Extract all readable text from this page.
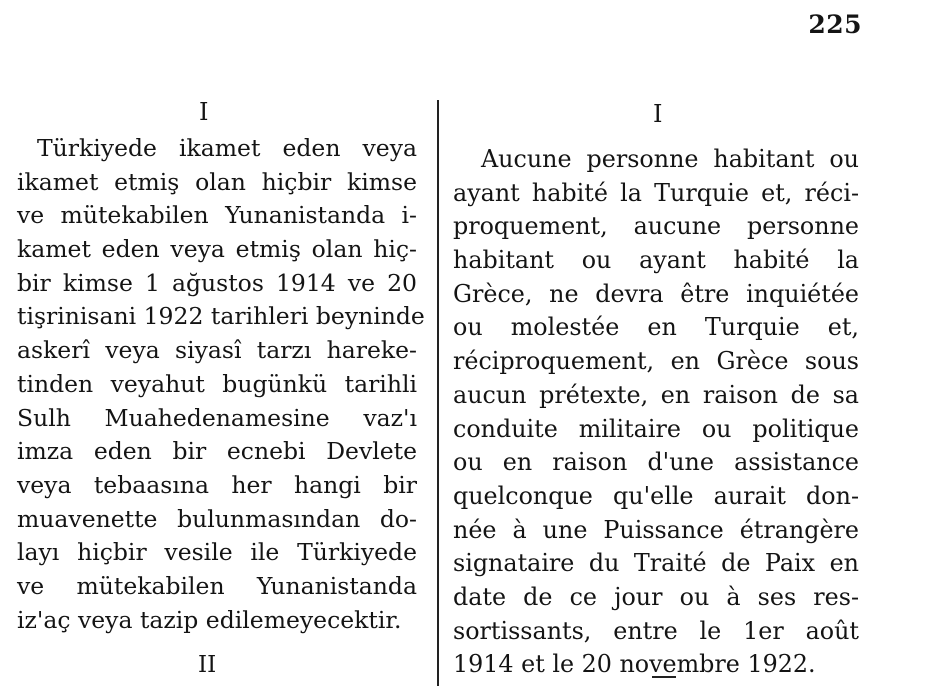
225
I	I
Türkiyede ikamet eden veya
ikamet etmiş olan hiçbir kimse
ve mütekabilen Yunanistanda i-
kamet eden veya etmiş olan hiç-
bir kimse 1 ağustos 1914 ve 20
tişrinisani 1922 tarihleri beyninde
askerî veya siyasî tarzı hareke-
tinden veyahut bugünkü tarihli
Sulh Muahedenamesine vaz'ı
imza eden bir ecnebi Devlete
veya tebaasına her hangi bir
muavenette bulunmasından do-
layı hiçbir vesile ile Türkiyede
ve mütekabilen Yunanistanda
iz'aç veya tazip edilemeyecektir.
II
Aucune personne habitant ou
ayant habité la Turquie et, réci-
proquement, aucune personne
habitant ou ayant habité la
Grèce, ne devra être inquiétée
ou molestée en Turquie et,
réciproquement, en Grèce sous
aucun prétexte, en raison de sa
conduite militaire ou politique
ou en raison d'une assistance
quelconque qu'elle aurait don-
née à une Puissance étrangère
signataire du Traité de Paix en
date de ce jour ou à ses res-
sortissants, entre le 1er août
1914 et le 20 novembre 1922.
